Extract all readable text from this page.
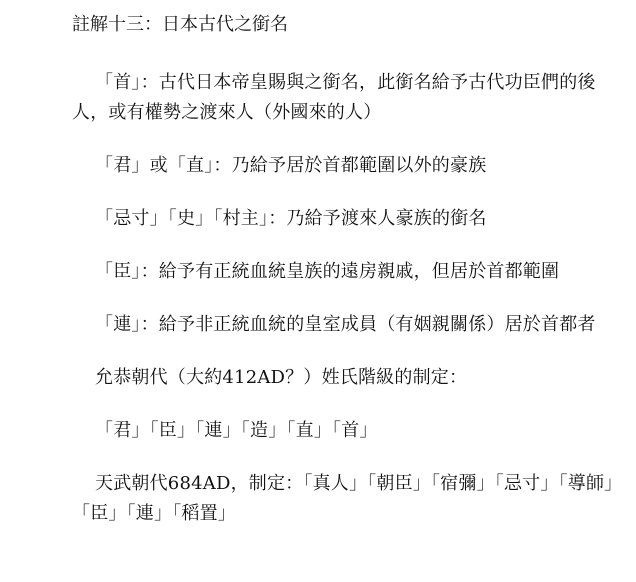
註解十三：日本古代之銜名

「首」：古代日本帝皇賜與之銜名，此銜名給予古代功臣們的後人，或有權勢之渡來人（外國來的人）

「君」或「直」：乃給予居於首都範圍以外的豪族

「忌寸」「史」「村主」：乃給予渡來人豪族的銜名

「臣」：給予有正統血統皇族的遠房親戚，但居於首都範圍

「連」：給予非正統血統的皇室成員（有姻親關係）居於首都者

允恭朝代（大約412AD？）姓氏階級的制定：

「君」「臣」「連」「造」「直」「首」

天武朝代684AD，制定：「真人」「朝臣」「宿彌」「忌寸」「導師」「臣」「連」「稻置」
